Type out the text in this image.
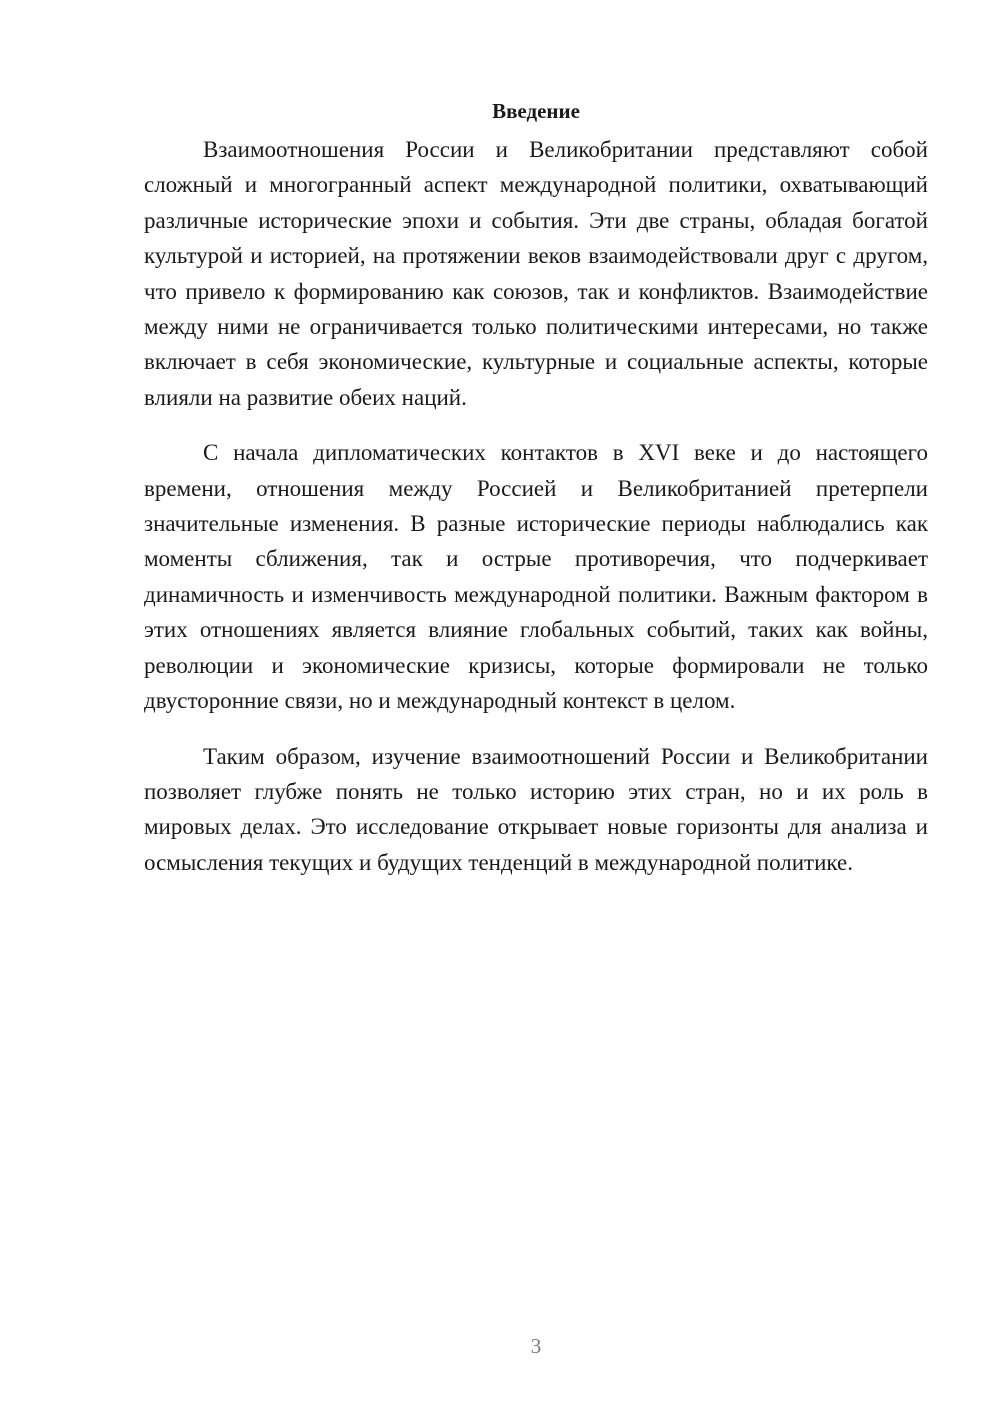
Введение

Взаимоотношения России и Великобритании представляют собой сложный и многогранный аспект международной политики, охватывающий различные исторические эпохи и события. Эти две страны, обладая богатой культурой и историей, на протяжении веков взаимодействовали друг с другом, что привело к формированию как союзов, так и конфликтов. Взаимодействие между ними не ограничивается только политическими интересами, но также включает в себя экономические, культурные и социальные аспекты, которые влияли на развитие обеих наций.

С начала дипломатических контактов в XVI веке и до настоящего времени, отношения между Россией и Великобританией претерпели значительные изменения. В разные исторические периоды наблюдались как моменты сближения, так и острые противоречия, что подчеркивает динамичность и изменчивость международной политики. Важным фактором в этих отношениях является влияние глобальных событий, таких как войны, революции и экономические кризисы, которые формировали не только двусторонние связи, но и международный контекст в целом.

Таким образом, изучение взаимоотношений России и Великобритании позволяет глубже понять не только историю этих стран, но и их роль в мировых делах. Это исследование открывает новые горизонты для анализа и осмысления текущих и будущих тенденций в международной политике.

3
